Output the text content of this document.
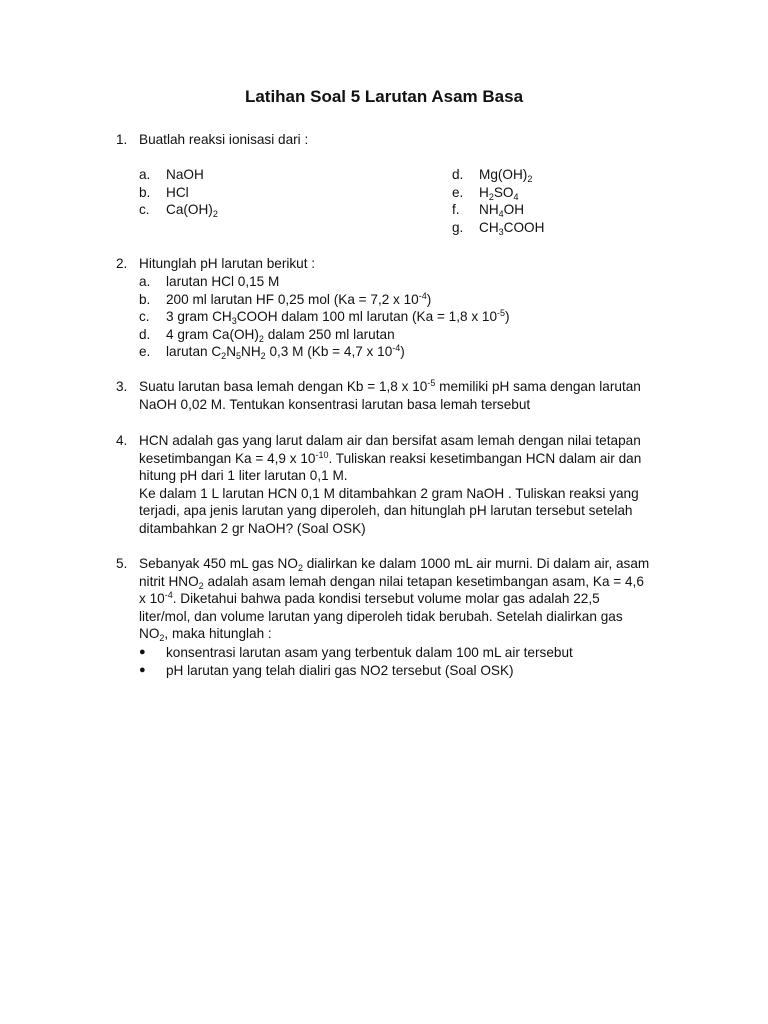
Latihan Soal 5 Larutan Asam Basa
1. Buatlah reaksi ionisasi dari :
a. NaOH
b. HCl
c. $Ca(OH)_2$
d. $Mg(OH)_2$
e. $H_2SO_4$
f. $NH_4OH$
g. $CH_3COOH$
2. Hitunglah pH larutan berikut :
a. larutan HCl 0,15 M
b. 200 ml larutan HF 0,25 mol (Ka = 7,2 x $10^{-4}$)
c. 3 gram $CH_3COOH$ dalam 100 ml larutan (Ka = 1,8 x $10^{-5}$)
d. 4 gram $Ca(OH)_2$ dalam 250 ml larutan
e. larutan $C_2N_5NH_2$ 0,3 M (Kb = 4,7 x $10^{-4}$)
3. Suatu larutan basa lemah dengan Kb = 1,8 x $10^{-5}$ memiliki pH sama dengan larutan
NaOH 0,02 M. Tentukan konsentrasi larutan basa lemah tersebut
4. HCN adalah gas yang larut dalam air dan bersifat asam lemah dengan nilai tetapan
kesetimbangan Ka = 4,9 x $10^{-10}$. Tuliskan reaksi kesetimbangan HCN dalam air dan
hitung pH dari 1 liter larutan 0,1 M.
Ke dalam 1 L larutan HCN 0,1 M ditambahkan 2 gram NaOH . Tuliskan reaksi yang
terjadi, apa jenis larutan yang diperoleh, dan hitunglah pH larutan tersebut setelah
ditambahkan 2 gr NaOH? (Soal OSK)
5. Sebanyak 450 mL gas $NO_2$ dialirkan ke dalam 1000 mL air murni. Di dalam air, asam
nitrit $HNO_2$ adalah asam lemah dengan nilai tetapan kesetimbangan asam, Ka = 4,6
x $10^{-4}$. Diketahui bahwa pada kondisi tersebut volume molar gas adalah 22,5
liter/mol, dan volume larutan yang diperoleh tidak berubah. Setelah dialirkan gas
$NO_2$, maka hitunglah :
● konsentrasi larutan asam yang terbentuk dalam 100 mL air tersebut
● pH larutan yang telah dialiri gas NO2 tersebut (Soal OSK)
